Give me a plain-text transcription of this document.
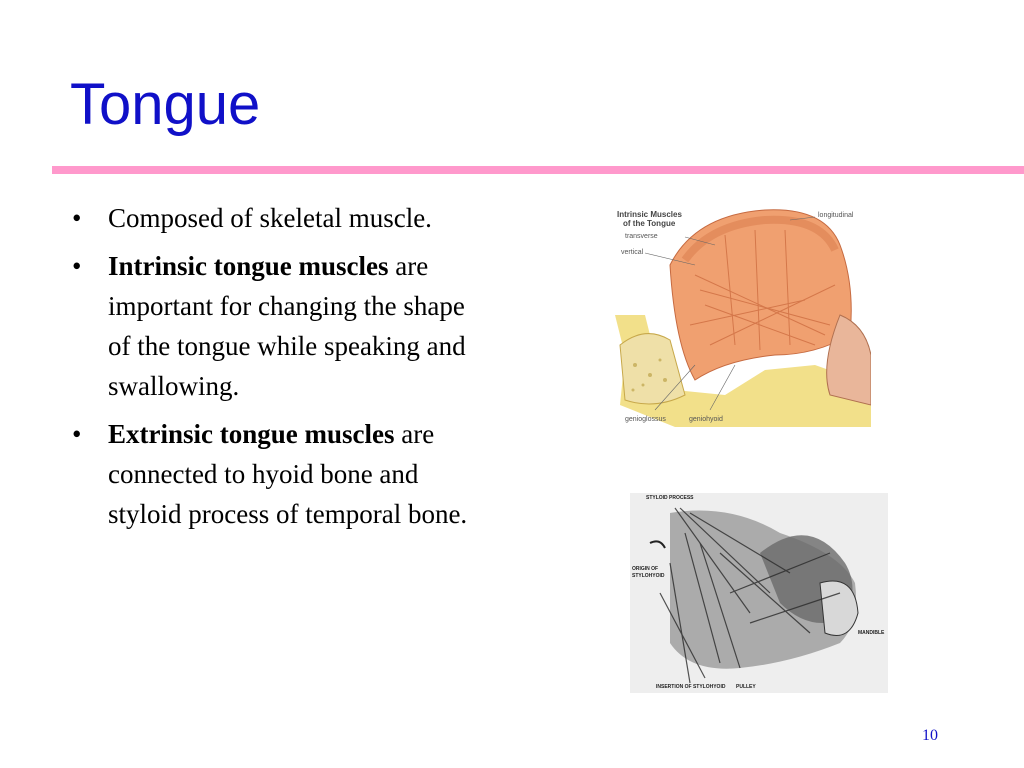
Tongue
• Composed of skeletal muscle.
• Intrinsic tongue muscles are important for changing the shape of the tongue while speaking and swallowing.
• Extrinsic tongue muscles are connected to hyoid bone and styloid process of temporal bone.
Intrinsic Muscles
of the Tongue
longitudinal
transverse
vertical
genioglossus	geniohyoid
STYLOID PROCESS
ORIGIN OF
STYLOHYOID
MANDIBLE
INSERTION OF STYLOHYOID PULLEY
10
